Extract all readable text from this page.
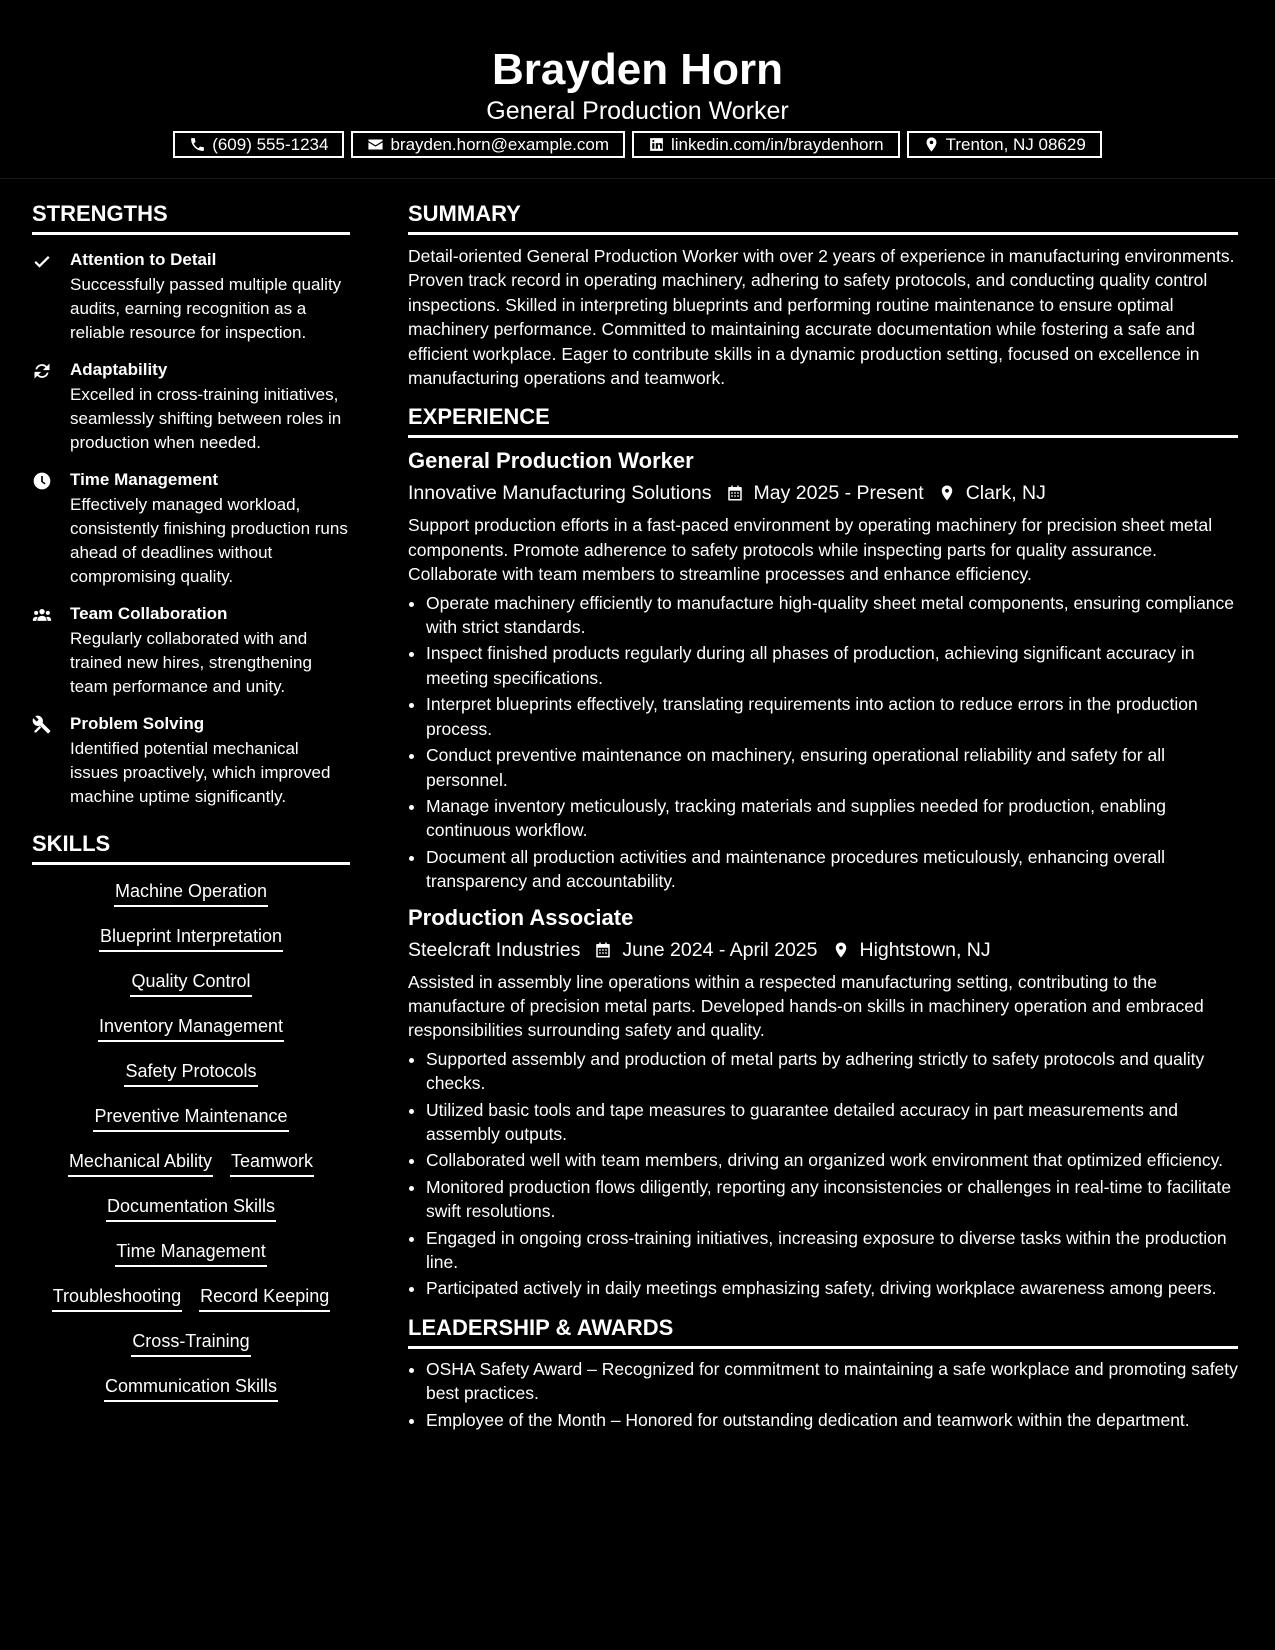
Brayden Horn
General Production Worker
(609) 555-1234	brayden.horn@example.com	linkedin.com/in/braydenhorn	Trenton, NJ 08629
STRENGTHS
Attention to Detail
Successfully passed multiple quality audits, earning recognition as a reliable resource for inspection.
Adaptability
Excelled in cross-training initiatives, seamlessly shifting between roles in production when needed.
Time Management
Effectively managed workload, consistently finishing production runs ahead of deadlines without compromising quality.
Team Collaboration
Regularly collaborated with and trained new hires, strengthening team performance and unity.
Problem Solving
Identified potential mechanical issues proactively, which improved machine uptime significantly.
SKILLS
Machine Operation
Blueprint Interpretation
Quality Control
Inventory Management
Safety Protocols
Preventive Maintenance
Mechanical Ability Teamwork
Documentation Skills
Time Management
Troubleshooting Record Keeping
Cross-Training
Communication Skills
SUMMARY
Detail-oriented General Production Worker with over 2 years of experience in manufacturing environments. Proven track record in operating machinery, adhering to safety protocols, and conducting quality control inspections. Skilled in interpreting blueprints and performing routine maintenance to ensure optimal machinery performance. Committed to maintaining accurate documentation while fostering a safe and efficient workplace. Eager to contribute skills in a dynamic production setting, focused on excellence in manufacturing operations and teamwork.
EXPERIENCE
General Production Worker
Innovative Manufacturing Solutions May 2025 - Present Clark, NJ
Support production efforts in a fast-paced environment by operating machinery for precision sheet metal components. Promote adherence to safety protocols while inspecting parts for quality assurance. Collaborate with team members to streamline processes and enhance efficiency.
• Operate machinery efficiently to manufacture high-quality sheet metal components, ensuring compliance with strict standards.
• Inspect finished products regularly during all phases of production, achieving significant accuracy in meeting specifications.
• Interpret blueprints effectively, translating requirements into action to reduce errors in the production process.
• Conduct preventive maintenance on machinery, ensuring operational reliability and safety for all personnel.
• Manage inventory meticulously, tracking materials and supplies needed for production, enabling continuous workflow.
• Document all production activities and maintenance procedures meticulously, enhancing overall transparency and accountability.
Production Associate
Steelcraft Industries June 2024 - April 2025 Hightstown, NJ
Assisted in assembly line operations within a respected manufacturing setting, contributing to the manufacture of precision metal parts. Developed hands-on skills in machinery operation and embraced responsibilities surrounding safety and quality.
• Supported assembly and production of metal parts by adhering strictly to safety protocols and quality checks.
• Utilized basic tools and tape measures to guarantee detailed accuracy in part measurements and assembly outputs.
• Collaborated well with team members, driving an organized work environment that optimized efficiency.
• Monitored production flows diligently, reporting any inconsistencies or challenges in real-time to facilitate swift resolutions.
• Engaged in ongoing cross-training initiatives, increasing exposure to diverse tasks within the production line.
• Participated actively in daily meetings emphasizing safety, driving workplace awareness among peers.
LEADERSHIP & AWARDS
• OSHA Safety Award – Recognized for commitment to maintaining a safe workplace and promoting safety best practices.
• Employee of the Month – Honored for outstanding dedication and teamwork within the department.
